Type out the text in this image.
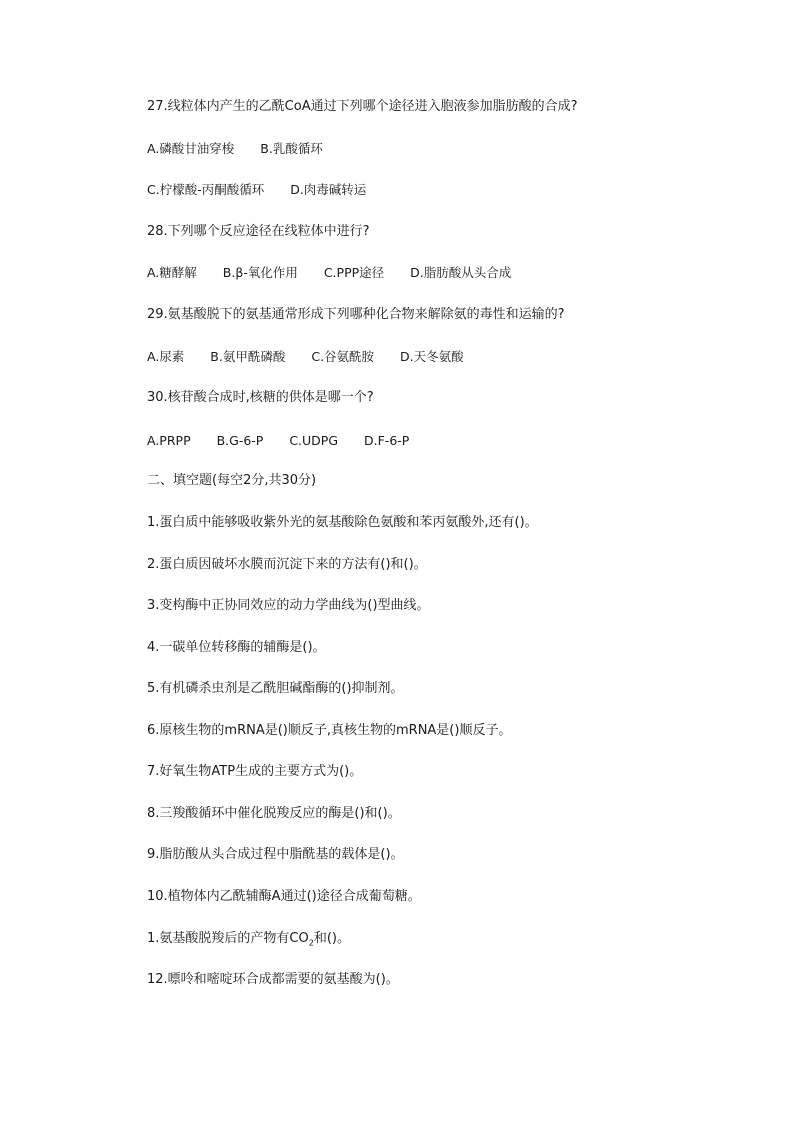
27.线粒体内产生的乙酰CoA通过下列哪个途径进入胞液参加脂肪酸的合成?
A.磷酸甘油穿梭 B.乳酸循环
C.柠檬酸-丙酮酸循环 D.肉毒碱转运
28.下列哪个反应途径在线粒体中进行?
A.糖酵解 B.β-氧化作用 C.PPP途径 D.脂肪酸从头合成
29.氨基酸脱下的氨基通常形成下列哪种化合物来解除氨的毒性和运输的?
A.尿素 B.氨甲酰磷酸 C.谷氨酰胺 D.天冬氨酸
30.核苷酸合成时,核糖的供体是哪一个?
A.PRPP B.G-6-P C.UDPG D.F-6-P
二、填空题(每空2分,共30分)
1.蛋白质中能够吸收紫外光的氨基酸除色氨酸和苯丙氨酸外,还有()。
2.蛋白质因破坏水膜而沉淀下来的方法有()和()。
3.变构酶中正协同效应的动力学曲线为()型曲线。
4.一碳单位转移酶的辅酶是()。
5.有机磷杀虫剂是乙酰胆碱酯酶的()抑制剂。
6.原核生物的mRNA是()顺反子,真核生物的mRNA是()顺反子。
7.好氧生物ATP生成的主要方式为()。
8.三羧酸循环中催化脱羧反应的酶是()和()。
9.脂肪酸从头合成过程中脂酰基的载体是()。
10.植物体内乙酰辅酶A通过()途径合成葡萄糖。
1.氨基酸脱羧后的产物有$CO_2$和()。
12.嘌呤和嘧啶环合成都需要的氨基酸为()。
